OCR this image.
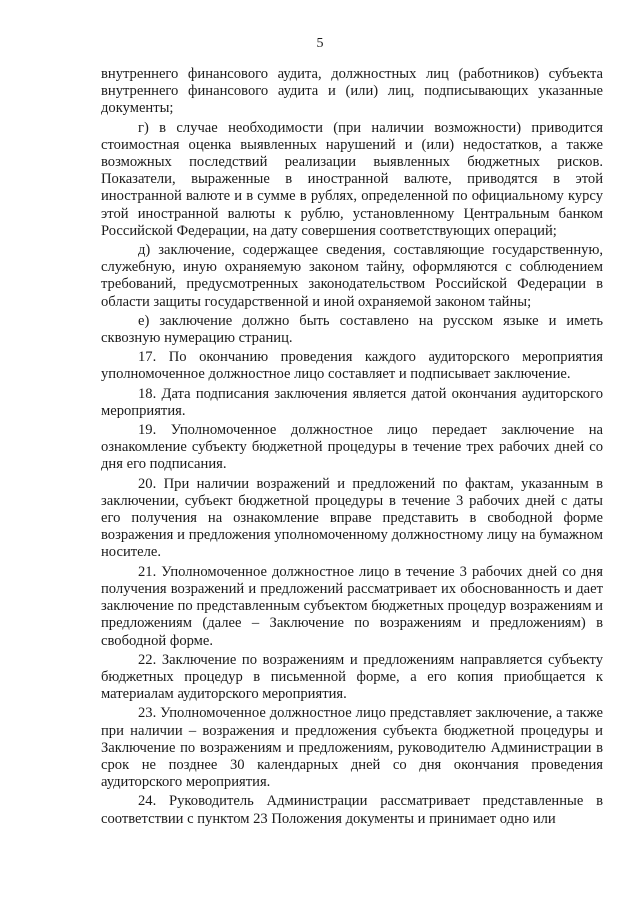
5

внутреннего финансового аудита, должностных лиц (работников) субъекта внутреннего финансового аудита и (или) лиц, подписывающих указанные документы;

г) в случае необходимости (при наличии возможности) приводится стоимостная оценка выявленных нарушений и (или) недостатков, а также возможных последствий реализации выявленных бюджетных рисков. Показатели, выраженные в иностранной валюте, приводятся в этой иностранной валюте и в сумме в рублях, определенной по официальному курсу этой иностранной валюты к рублю, установленному Центральным банком Российской Федерации, на дату совершения соответствующих операций;

д) заключение, содержащее сведения, составляющие государственную, служебную, иную охраняемую законом тайну, оформляются с соблюдением требований, предусмотренных законодательством Российской Федерации в области защиты государственной и иной охраняемой законом тайны;

е) заключение должно быть составлено на русском языке и иметь сквозную нумерацию страниц.

17. По окончанию проведения каждого аудиторского мероприятия уполномоченное должностное лицо составляет и подписывает заключение.

18. Дата подписания заключения является датой окончания аудиторского мероприятия.

19. Уполномоченное должностное лицо передает заключение на ознакомление субъекту бюджетной процедуры в течение трех рабочих дней со дня его подписания.

20. При наличии возражений и предложений по фактам, указанным в заключении, субъект бюджетной процедуры в течение 3 рабочих дней с даты его получения на ознакомление вправе представить в свободной форме возражения и предложения уполномоченному должностному лицу на бумажном носителе.

21. Уполномоченное должностное лицо в течение 3 рабочих дней со дня получения возражений и предложений рассматривает их обоснованность и дает заключение по представленным субъектом бюджетных процедур возражениям и предложениям (далее – Заключение по возражениям и предложениям) в свободной форме.

22. Заключение по возражениям и предложениям направляется субъекту бюджетных процедур в письменной форме, а его копия приобщается к материалам аудиторского мероприятия.

23. Уполномоченное должностное лицо представляет заключение, а также при наличии – возражения и предложения субъекта бюджетной процедуры и Заключение по возражениям и предложениям, руководителю Администрации в срок не позднее 30 календарных дней со дня окончания проведения аудиторского мероприятия.

24. Руководитель Администрации рассматривает представленные в соответствии с пунктом 23 Положения документы и принимает одно или
